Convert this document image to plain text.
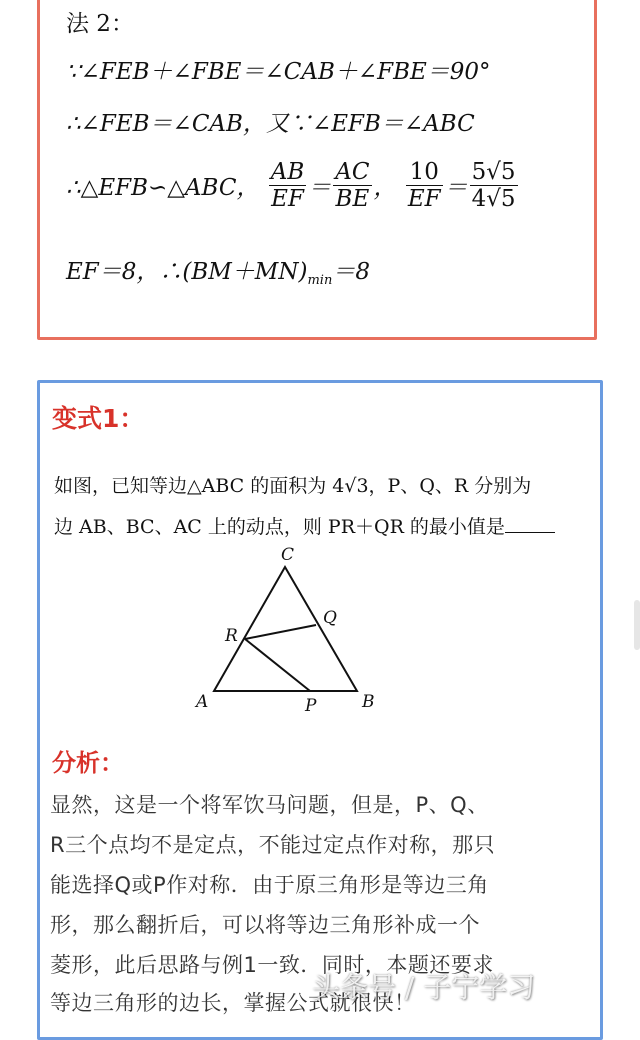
法 2：
∵∠FEB＋∠FBE＝∠CAB＋∠FBE＝90°
∴∠FEB＝∠CAB，又∵∠EFB＝∠ABC
∴△EFB∽△ABC， $\frac{AB}{EF} = \frac{AC}{BE}$ ， $\frac{10}{EF} = \frac{5√5}{4√5}$
EF＝8，$\therefore(BM+MN)_{min}=8$
变式1：
如图，已知等边△ABC 的面积为 4√3，P、Q、R 分别为
边 AB、BC、AC 上的动点，则 PR＋QR 的最小值是
C
Q
R
A	P	B
分析：
显然，这是一个将军饮马问题，但是，P、Q、
R三个点均不是定点，不能过定点作对称，那只
能选择Q或P作对称．由于原三角形是等边三角
形，那么翻折后，可以将等边三角形补成一个
菱形，此后思路与例1一致．同时，本题还要求
等边三角形的边长，掌握公式就很快！
头条号 / 子宁学习
